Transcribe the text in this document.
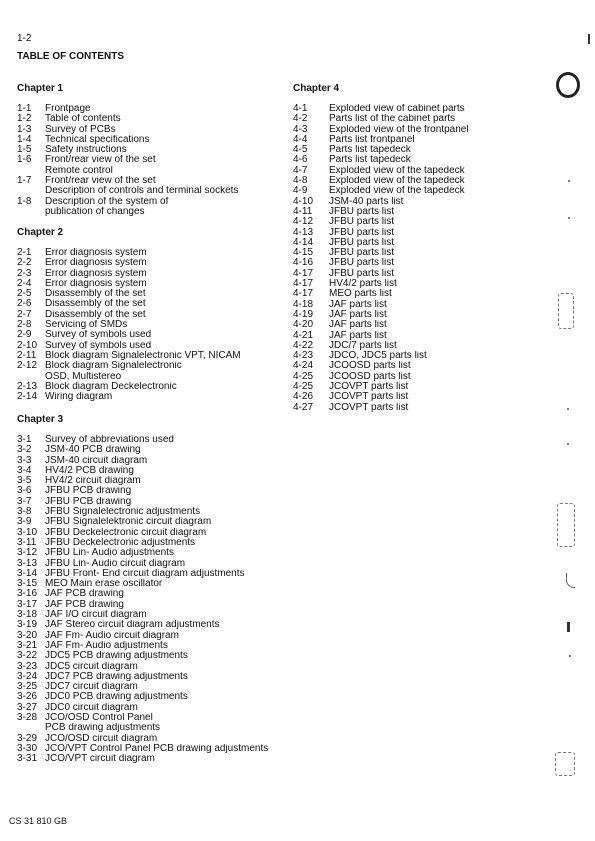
1-2
TABLE OF CONTENTS
Chapter 1
1-1	Frontpage
1-2	Table of contents
1-3	Survey of PCBs
1-4	Technical specifications
1-5	Safety instructions
1-6	Front/rear view of the set
Remote control
1-7	Front/rear view of the set
Description of controls and terminal sockets
1-8	Description of the system of
publication of changes
Chapter 2
2-1	Error diagnosis system
2-2	Error diagnosis system
2-3	Error diagnosis system
2-4	Error diagnosis system
2-5	Disassembly of the set
2-6	Disassembly of the set
2-7	Disassembly of the set
2-8	Servicing of SMDs
2-9	Survey of symbols used
2-10 Survey of symbols used
2-11 Block diagram Signalelectronic VPT, NICAM
2-12 Block diagram Signalelectronic
OSD, Multistereo
2-13 Block diagram Deckelectronic
2-14 Wiring diagram
Chapter 3
3-1	Survey of abbreviations used
3-2	JSM-40 PCB drawing
3-3	JSM-40 circuit diagram
3-4	HV4/2 PCB drawing
3-5	HV4/2 circuit diagram
3-6	JFBU PCB drawing
3-7	JFBU PCB drawing
3-8	JFBU Signalelectronic adjustments
3-9	JFBU Signalelektronic circuit diagram
3-10 JFBU Deckelectronic circuit diagram
3-11 JFBU Deckelectronic adjustments
3-12 JFBU Lin- Audio adjustments
3-13 JFBU Lin- Audio circuit diagram
3-14 JFBU Front- End circuit diagram adjustments
3-15 MEO Main erase oscillator
3-16 JAF PCB drawing
3-17 JAF PCB drawing
3-18 JAF I/O circuit diagram
3-19 JAF Stereo circuit diagram adjustments
3-20 JAF Fm- Audio circuit diagram
3-21 JAF Fm- Audio adjustments
3-22 JDC5 PCB drawing adjustments
3-23 JDC5 circuit diagram
3-24 JDC7 PCB drawing adjustments
3-25 JDC7 circuit diagram
3-26 JDC0 PCB drawing adjustments
3-27 JDC0 circuit diagram
3-28 JCO/OSD Control Panel
PCB drawing adjustments
3-29 JCO/OSD circuit diagram
3-30 JCO/VPT Control Panel PCB drawing adjustments
3-31 JCO/VPT circuit diagram
Chapter 4
4-1	Exploded view of cabinet parts
4-2	Parts list of the cabinet parts
4-3	Exploded view of the frontpanel
4-4	Parts list frontpanel
4-5	Parts list tapedeck
4-6	Parts list tapedeck
4-7	Exploded view of the tapedeck
4-8	Exploded view of the tapedeck
4-9	Exploded view of the tapedeck
4-10	JSM-40 parts list
4-11	JFBU parts list
4-12	JFBU parts list
4-13	JFBU parts list
4-14	JFBU parts list
4-15	JFBU parts list
4-16	JFBU parts list
4-17	JFBU parts list
4-17	HV4/2 parts list
4-17	MEO parts list
4-18	JAF parts list
4-19	JAF parts list
4-20	JAF parts list
4-21	JAF parts list
4-22	JDC/7 parts list
4-23	JDCO, JDC5 parts list
4-24	JCOOSD parts list
4-25	JCOOSD parts list
4-25	JCOVPT parts list
4-26	JCOVPT parts list
4-27	JCOVPT parts list
CS 31 810 GB
